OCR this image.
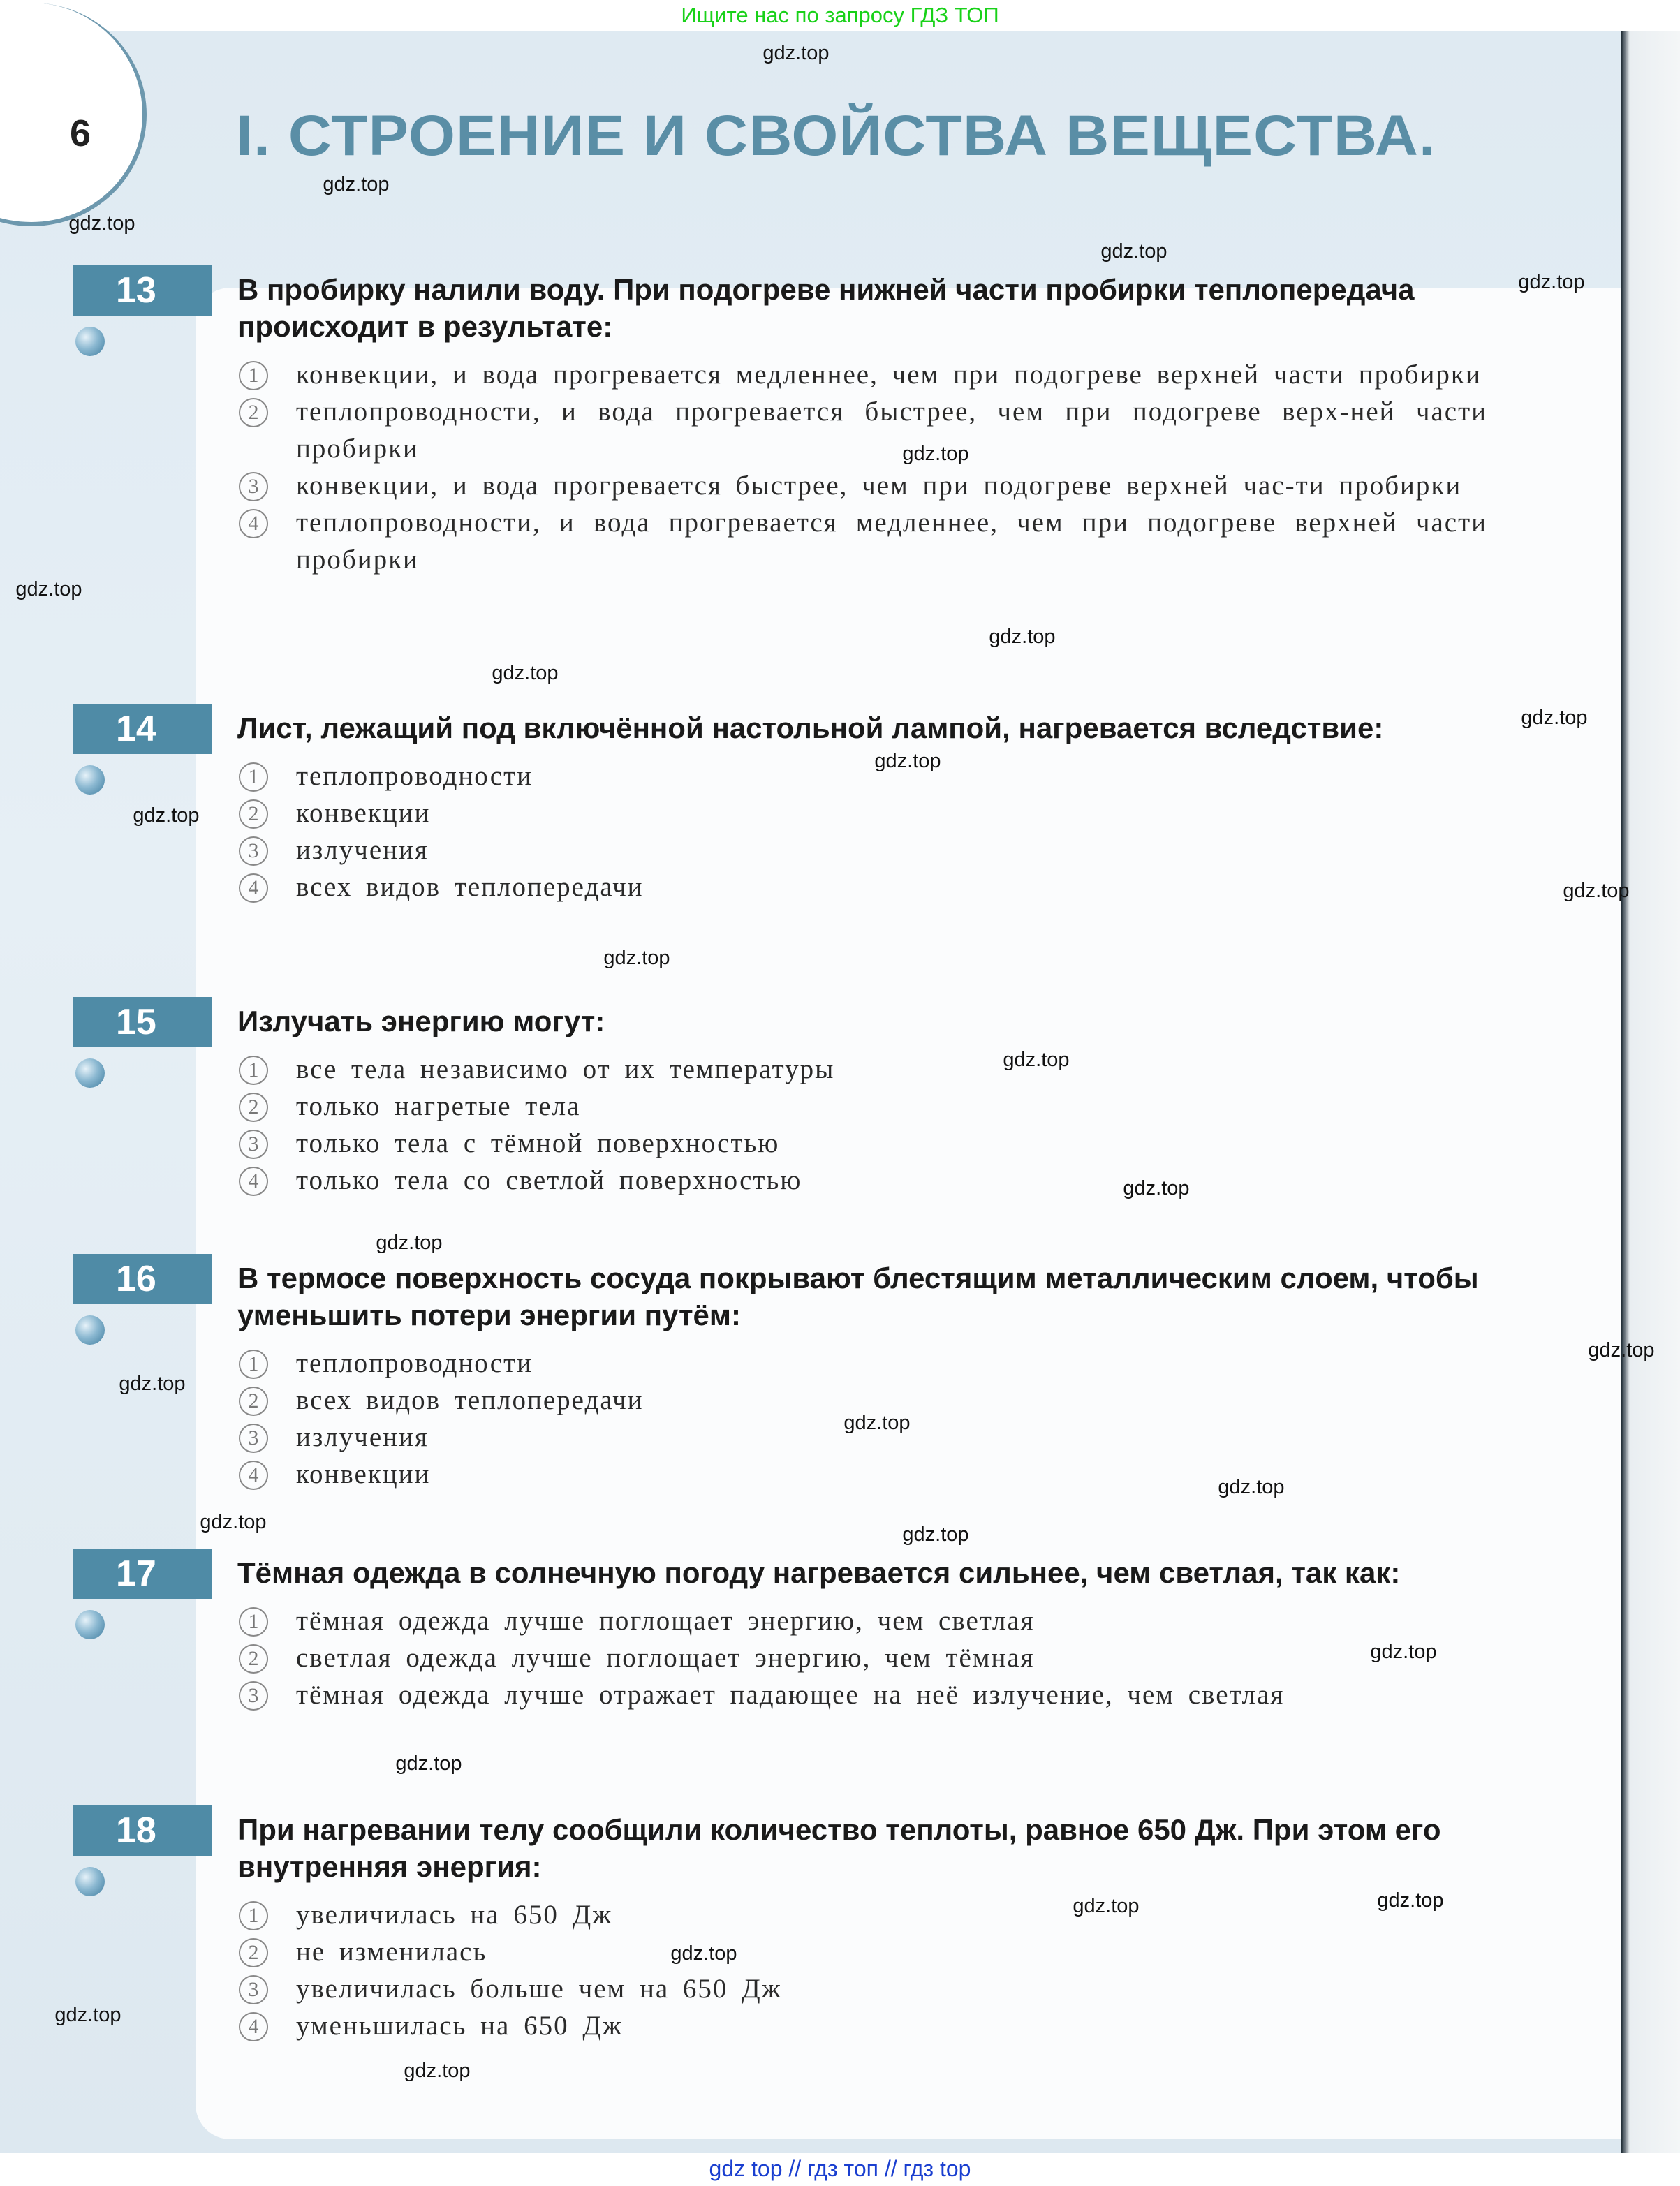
Ищите нас по запросу ГДЗ ТОП
6	I. СТРОЕНИЕ И СВОЙСТВА ВЕЩЕСТВА.
13	В пробирку налили воду. При подогреве нижней части пробирки теплопередача происходит в результате:
1	конвекции, и вода прогревается медленнее, чем при подогреве верхней части пробирки
2	теплопроводности, и вода прогревается быстрее, чем при подогреве верх-ней части пробирки
3	конвекции, и вода прогревается быстрее, чем при подогреве верхней час-ти пробирки
4	теплопроводности, и вода прогревается медленнее, чем при подогреве верхней части пробирки
14	Лист, лежащий под включённой настольной лампой, нагревается вследствие:
1	теплопроводности
2	конвекции
3	излучения
4	всех видов теплопередачи
15	Излучать энергию могут:
1	все тела независимо от их температуры
2	только нагретые тела
3	только тела с тёмной поверхностью
4	только тела со светлой поверхностью
16	В термосе поверхность сосуда покрывают блестящим металлическим слоем, чтобы уменьшить потери энергии путём:
1	теплопроводности
2	всех видов теплопередачи
3	излучения
4	конвекции
17	Тёмная одежда в солнечную погоду нагревается сильнее, чем светлая, так как:
1	тёмная одежда лучше поглощает энергию, чем светлая
2	светлая одежда лучше поглощает энергию, чем тёмная
3	тёмная одежда лучше отражает падающее на неё излучение, чем светлая
18	При нагревании телу сообщили количество теплоты, равное 650 Дж. При этом его внутренняя энергия:
1	увеличилась на 650 Дж
2	не изменилась
3	увеличилась больше чем на 650 Дж
4	уменьшилась на 650 Дж
gdz.top
gdz.top
gdz.top
gdz.top
gdz.top
gdz.top
gdz.top
gdz.top
gdz.top
gdz.top
gdz.top
gdz.top
gdz.top
gdz.top
gdz.top
gdz.top
gdz.top
gdz.top
gdz.top
gdz.top
gdz.top
gdz.top
gdz.top
gdz.top
gdz.top
gdz.top	gdz.top
gdz.top
gdz.top
gdz.top
gdz top // гдз топ // гдз top
